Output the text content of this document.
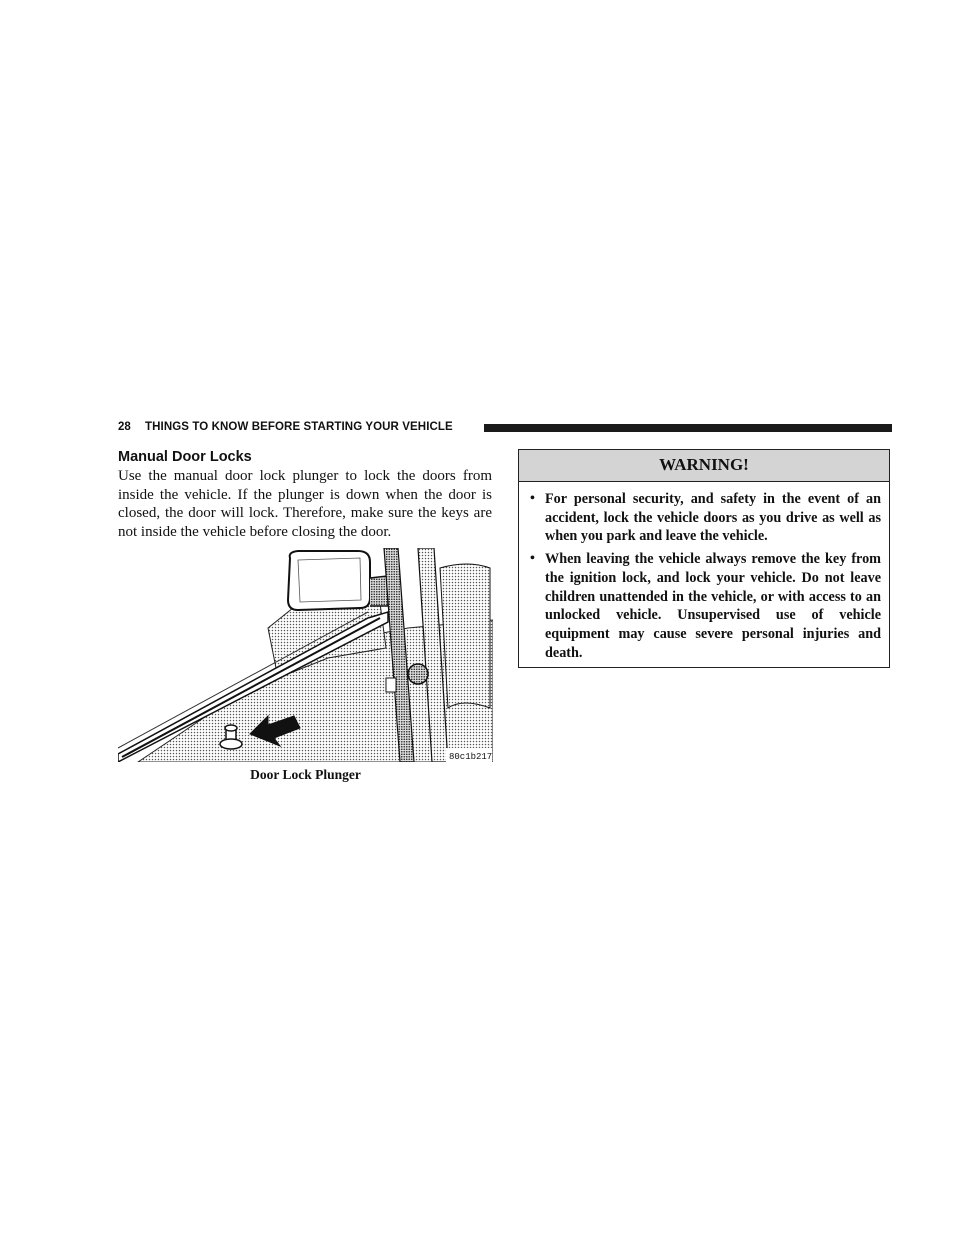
28 THINGS TO KNOW BEFORE STARTING YOUR VEHICLE
Manual Door Locks
Use the manual door lock plunger to lock the doors from inside the vehicle. If the plunger is down when the door is closed, the door will lock. Therefore, make sure the keys are not inside the vehicle before closing the door.
80c1b217
Door Lock Plunger
WARNING!
• For personal security, and safety in the event of an accident, lock the vehicle doors as you drive as well as when you park and leave the vehicle.
• When leaving the vehicle always remove the key from the ignition lock, and lock your vehicle. Do not leave children unattended in the vehicle, or with access to an unlocked vehicle. Unsupervised use of vehicle equipment may cause severe personal injuries and death.
